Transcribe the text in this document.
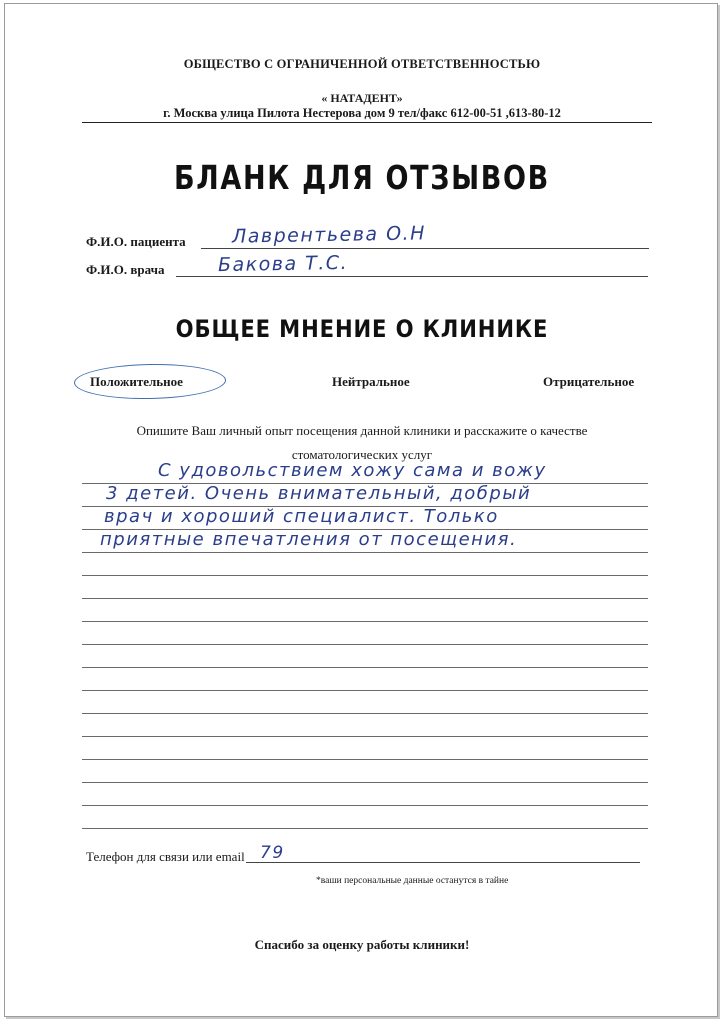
ОБЩЕСТВО С ОГРАНИЧЕННОЙ ОТВЕТСТВЕННОСТЬЮ
« НАТАДЕНТ»
г. Москва улица Пилота Нестерова дом 9 тел/факс 612-00-51 ,613-80-12
БЛАНК ДЛЯ ОТЗЫВОВ
Ф.И.О. пациента Лаврентьева О.Н
Ф.И.О. врача	Бакова Т.С.
ОБЩЕЕ МНЕНИЕ О КЛИНИКЕ
Положительное	Нейтральное	Отрицательное
Опишите Ваш личный опыт посещения данной клиники и расскажите о качестве
стоматологических услуг
С удовольствием хожу сама и вожу
3 детей. Очень внимательный, добрый
врач и хороший специалист. Только
приятные впечатления от посещения.
Телефон для связи или email 79
*ваши персональные данные останутся в тайне
Спасибо за оценку работы клиники!
